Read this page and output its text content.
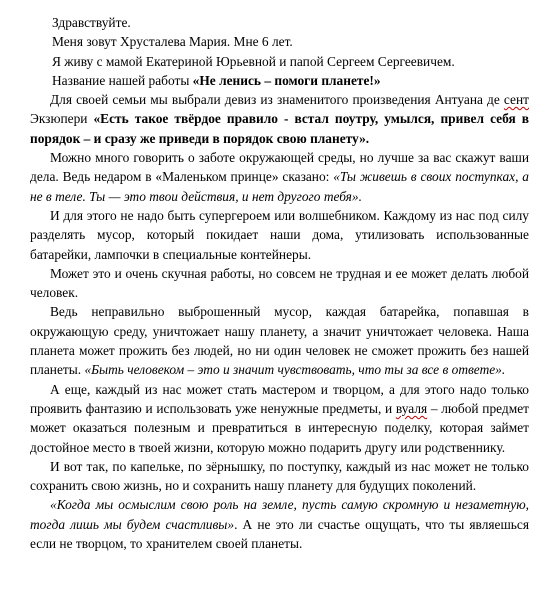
Здравствуйте.
Меня зовут Хрусталева Мария. Мне 6 лет.
Я живу с мамой Екатериной Юрьевной и папой Сергеем Сергеевичем.
Название нашей работы «Не ленись – помоги планете!»

Для своей семьи мы выбрали девиз из знаменитого произведения Антуана де сент Экзюпери «Есть такое твёрдое правило - встал поутру, умылся, привел себя в порядок – и сразу же приведи в порядок свою планету».

Можно много говорить о заботе окружающей среды, но лучше за вас скажут ваши дела. Ведь недаром в «Маленьком принце» сказано: «Ты живешь в своих поступках, а не в теле. Ты — это твои действия, и нет другого тебя».

И для этого не надо быть супергероем или волшебником. Каждому из нас под силу разделять мусор, который покидает наши дома, утилизовать использованные батарейки, лампочки в специальные контейнеры.

Может это и очень скучная работы, но совсем не трудная и ее может делать любой человек.

Ведь неправильно выброшенный мусор, каждая батарейка, попавшая в окружающую среду, уничтожает нашу планету, а значит уничтожает человека. Наша планета может прожить без людей, но ни один человек не сможет прожить без нашей планеты. «Быть человеком – это и значит чувствовать, что ты за все в ответе».

А еще, каждый из нас может стать мастером и творцом, а для этого надо только проявить фантазию и использовать уже ненужные предметы, и вуаля – любой предмет может оказаться полезным и превратиться в интересную поделку, которая займет достойное место в твоей жизни, которую можно подарить другу или родственнику.

И вот так, по капельке, по зёрнышку, по поступку, каждый из нас может не только сохранить свою жизнь, но и сохранить нашу планету для будущих поколений.

«Когда мы осмыслим свою роль на земле, пусть самую скромную и незаметную, тогда лишь мы будем счастливы». А не это ли счастье ощущать, что ты являешься если не творцом, то хранителем своей планеты.
